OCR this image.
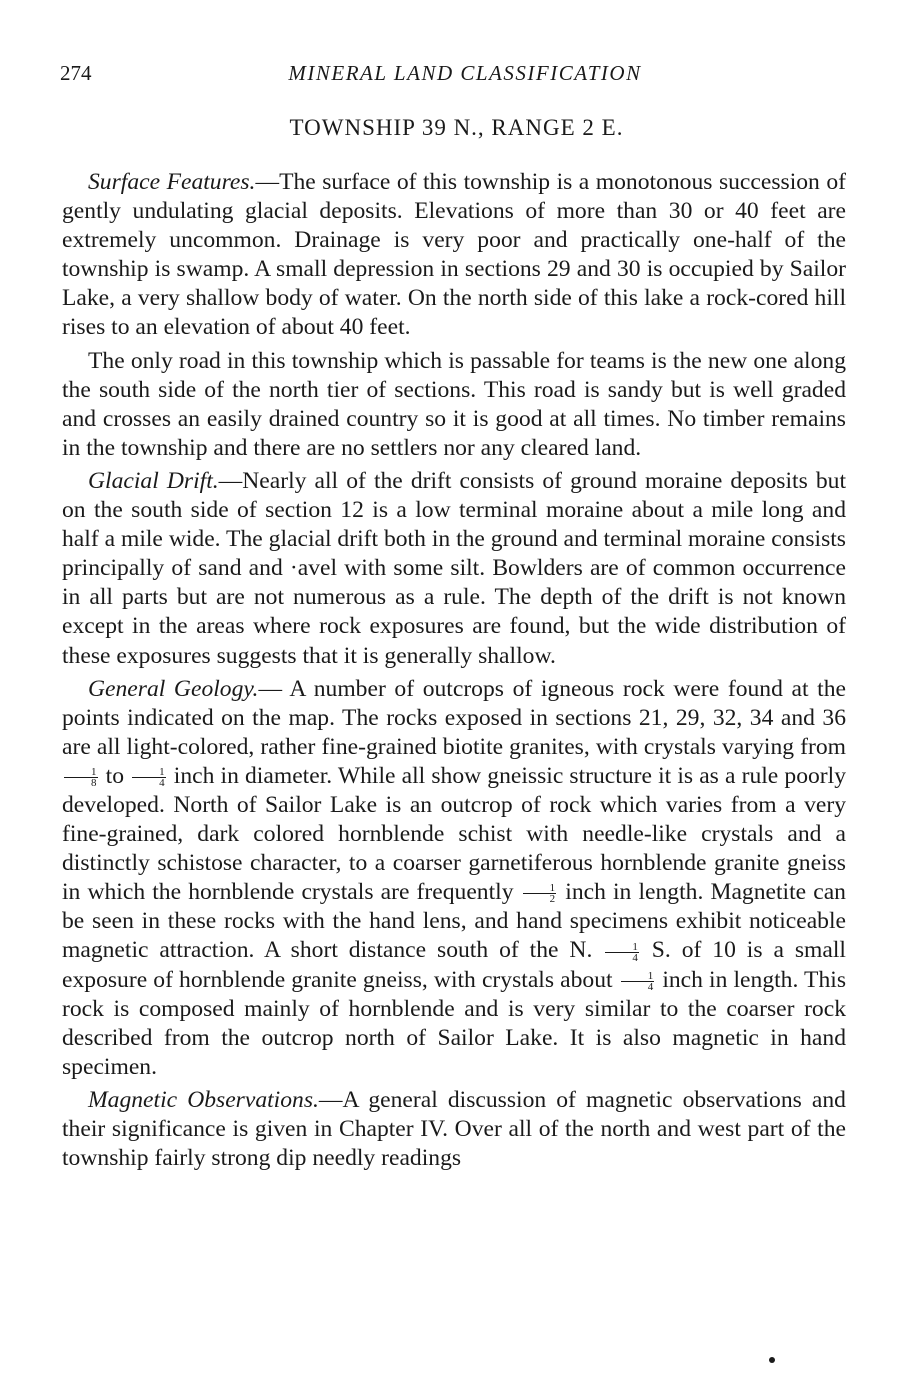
274	MINERAL LAND CLASSIFICATION
TOWNSHIP 39 N., RANGE 2 E.

Surface Features.—The surface of this township is a monotonous succession of gently undulating glacial deposits. Elevations of more than 30 or 40 feet are extremely uncommon. Drainage is very poor and practically one-half of the township is swamp. A small depression in sections 29 and 30 is occupied by Sailor Lake, a very shallow body of water. On the north side of this lake a rock-cored hill rises to an elevation of about 40 feet.

The only road in this township which is passable for teams is the new one along the south side of the north tier of sections. This road is sandy but is well graded and crosses an easily drained country so it is good at all times. No timber remains in the township and there are no settlers nor any cleared land.

Glacial Drift.—Nearly all of the drift consists of ground moraine deposits but on the south side of section 12 is a low terminal moraine about a mile long and half a mile wide. The glacial drift both in the ground and terminal moraine consists principally of sand and ·avel with some silt. Bowlders are of common occurrence in all parts but are not numerous as a rule. The depth of the drift is not known except in the areas where rock exposures are found, but the wide distribution of these exposures suggests that it is generally shallow.

General Geology.— A number of outcrops of igneous rock were found at the points indicated on the map. The rocks exposed in sections 21, 29, 32, 34 and 36 are all light-colored, rather fine-grained biotite granites, with crystals varying from
$\frac{1}{8}$ to $\frac{1}{4}$ inch in diameter. While all show gneissic structure it is as a rule poorly developed. North of Sailor Lake is an outcrop of rock which varies from a very fine-grained, dark colored hornblende schist with needle-like crystals and a distinctly schistose character, to a coarser garnetiferous hornblende granite gneiss in which the hornblende crystals are frequently $\frac{1}{2}$ inch in length. Magnetite can be seen in these rocks with the hand lens, and hand specimens exhibit noticeable magnetic attraction. A short distance south of the N. $\frac{1}{4} S$. of 10 is a small exposure of hornblende granite gneiss, with crystals about $\frac{1}{4}$ inch in length. This rock is composed mainly of hornblende and is very similar to the coarser rock described from the outcrop north of Sailor Lake. It is also magnetic in hand specimen.

Magnetic Observations.—A general discussion of magnetic observations and their significance is given in Chapter IV. Over all of the north and west part of the township fairly strong dip needly readings
